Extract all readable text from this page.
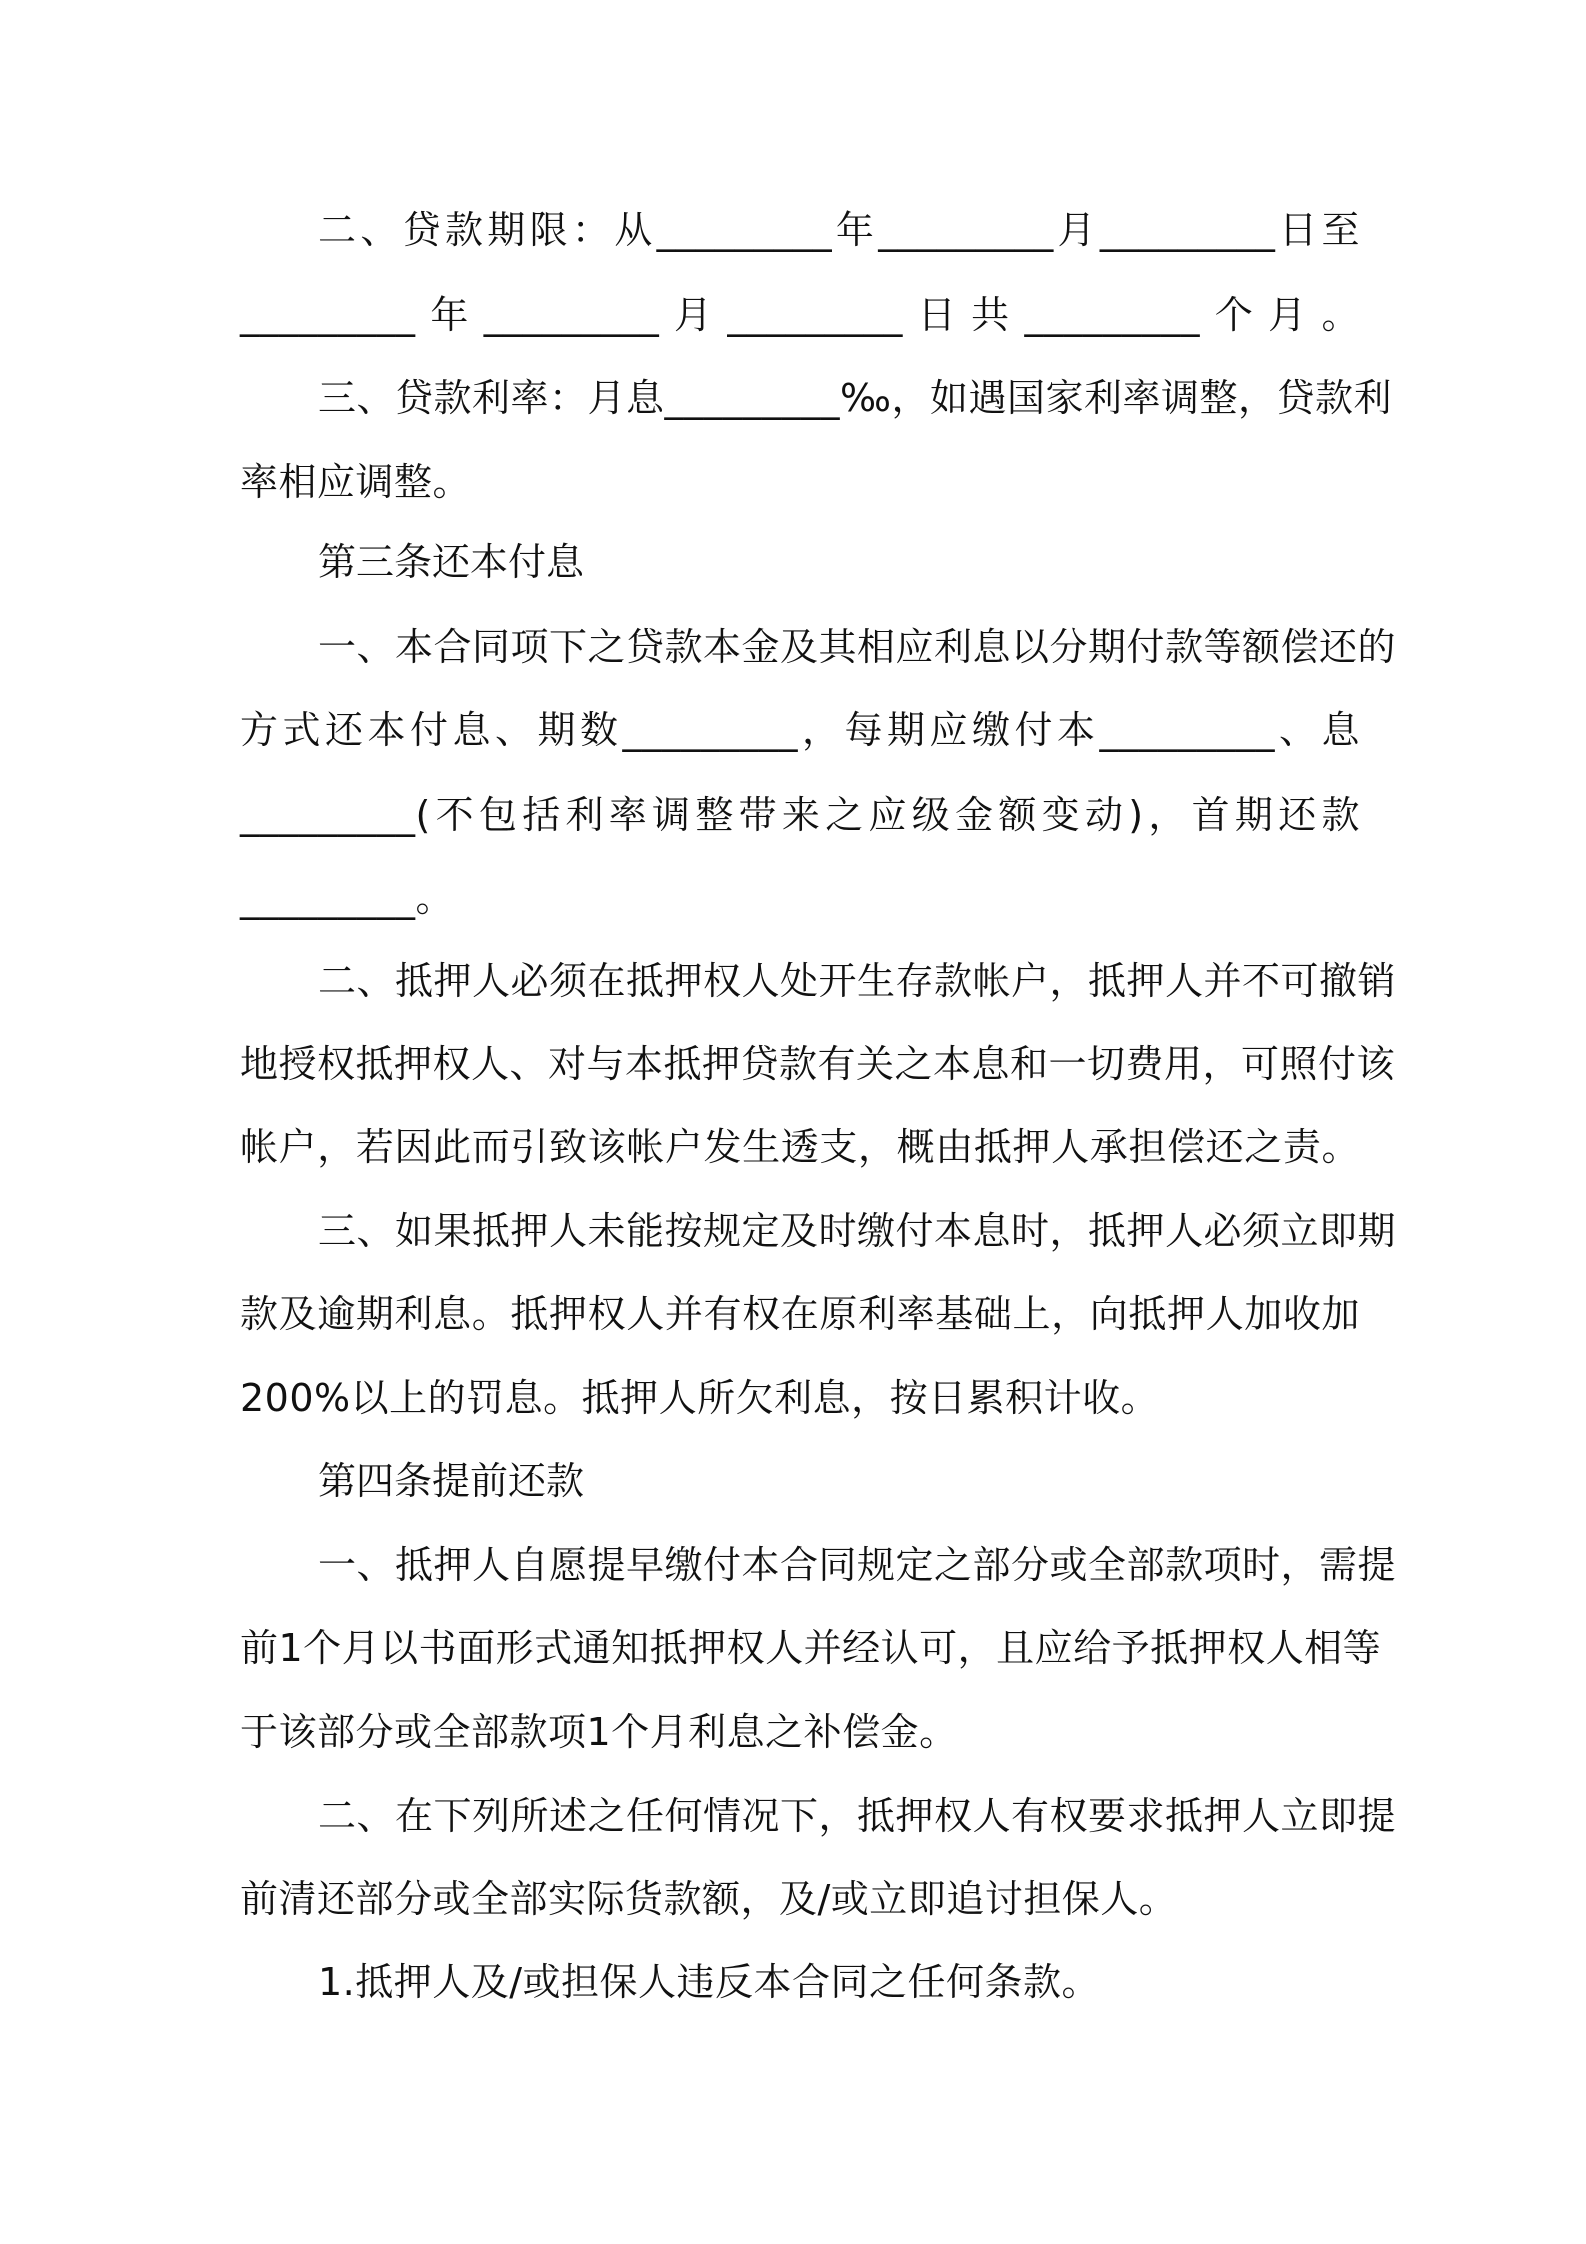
二、贷款期限：从_________年_________月_________日至
_________年_________月_________日共_________个月。
三、贷款利率：月息_________‰，如遇国家利率调整，贷款利
率相应调整。
第三条还本付息
一、本合同项下之贷款本金及其相应利息以分期付款等额偿还的
方式还本付息、期数_________，每期应缴付本_________、息
_________(不包括利率调整带来之应级金额变动)，首期还款
_________。
二、抵押人必须在抵押权人处开生存款帐户，抵押人并不可撤销
地授权抵押权人、对与本抵押贷款有关之本息和一切费用，可照付该
帐户，若因此而引致该帐户发生透支，概由抵押人承担偿还之责。
三、如果抵押人未能按规定及时缴付本息时，抵押人必须立即期
款及逾期利息。抵押权人并有权在原利率基础上，向抵押人加收加
200%以上的罚息。抵押人所欠利息，按日累积计收。
第四条提前还款
一、抵押人自愿提早缴付本合同规定之部分或全部款项时，需提
前1个月以书面形式通知抵押权人并经认可，且应给予抵押权人相等
于该部分或全部款项1个月利息之补偿金。
二、在下列所述之任何情况下，抵押权人有权要求抵押人立即提
前清还部分或全部实际货款额，及/或立即追讨担保人。
1.抵押人及/或担保人违反本合同之任何条款。
